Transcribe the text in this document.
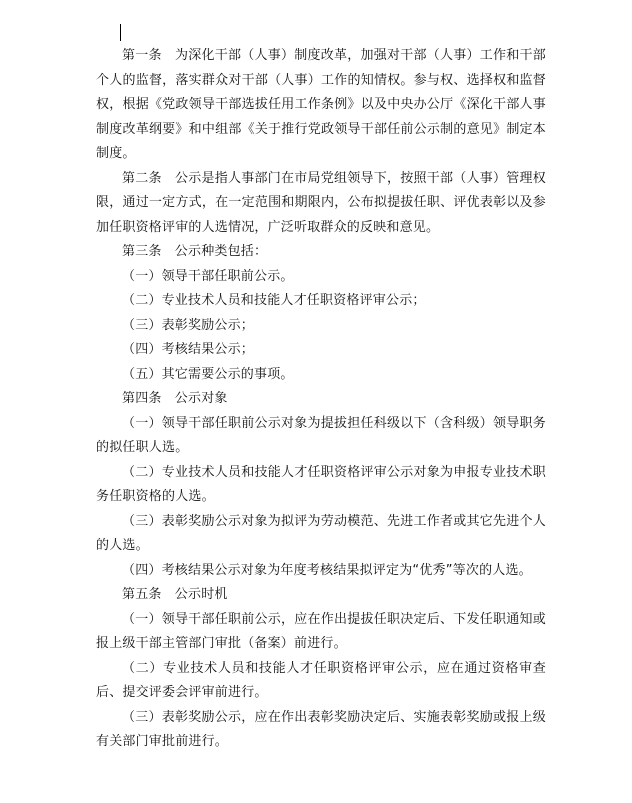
第一条　为深化干部（人事）制度改革，加强对干部（人事）工作和干部个人的监督，落实群众对干部（人事）工作的知情权。参与权、选择权和监督权，根据《党政领导干部选拔任用工作条例》以及中央办公厅《深化干部人事制度改革纲要》和中组部《关于推行党政领导干部任前公示制的意见》制定本制度。

第二条　公示是指人事部门在市局党组领导下，按照干部（人事）管理权限，通过一定方式，在一定范围和期限内，公布拟提拔任职、评优表彰以及参加任职资格评审的人选情况，广泛听取群众的反映和意见。

第三条　公示种类包括：

（一）领导干部任职前公示。

（二）专业技术人员和技能人才任职资格评审公示；

（三）表彰奖励公示；

（四）考核结果公示；

（五）其它需要公示的事项。

第四条　公示对象

（一）领导干部任职前公示对象为提拔担任科级以下（含科级）领导职务的拟任职人选。

（二）专业技术人员和技能人才任职资格评审公示对象为申报专业技术职务任职资格的人选。

（三）表彰奖励公示对象为拟评为劳动模范、先进工作者或其它先进个人的人选。

（四）考核结果公示对象为年度考核结果拟评定为“优秀”等次的人选。

第五条　公示时机

（一）领导干部任职前公示，应在作出提拔任职决定后、下发任职通知或报上级干部主管部门审批（备案）前进行。

（二）专业技术人员和技能人才任职资格评审公示，应在通过资格审查后、提交评委会评审前进行。

（三）表彰奖励公示，应在作出表彰奖励决定后、实施表彰奖励或报上级有关部门审批前进行。
